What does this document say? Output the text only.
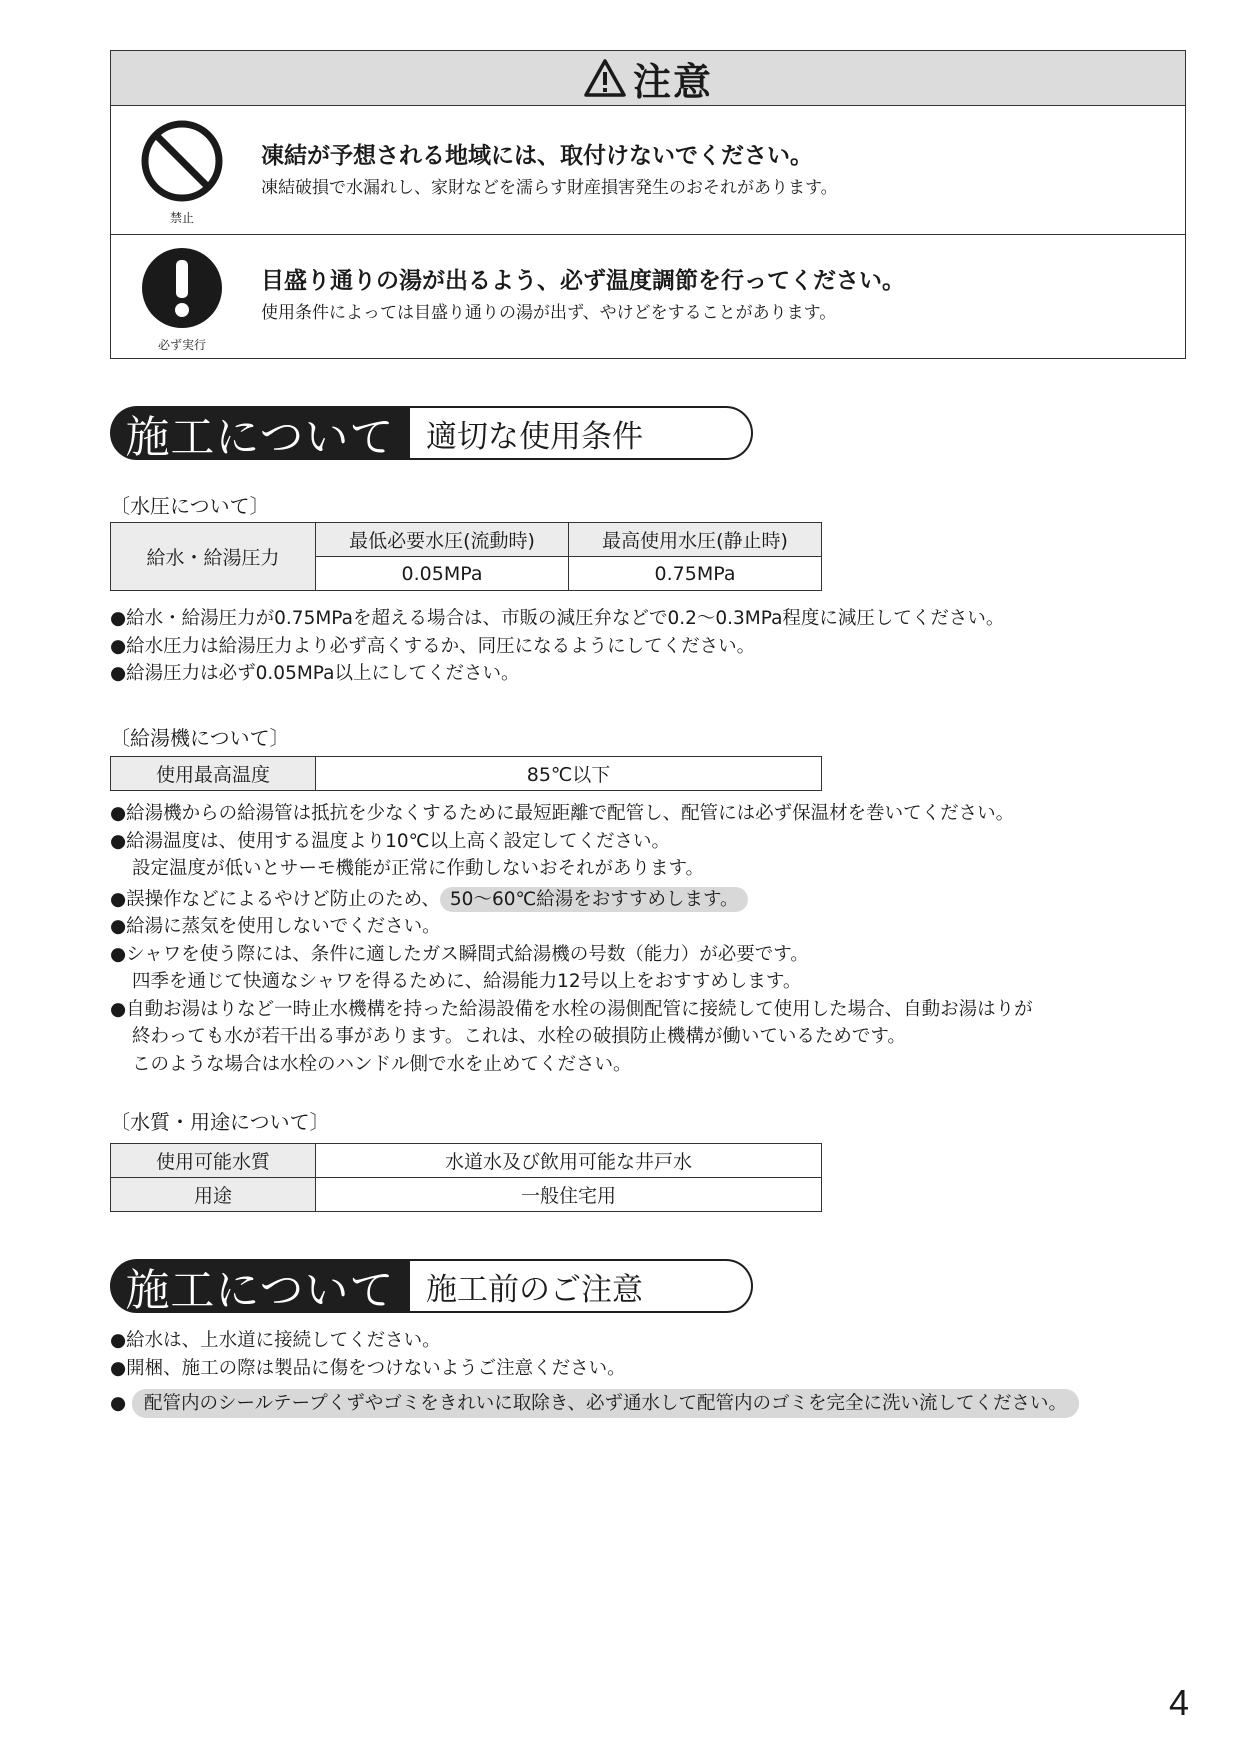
注意
禁止
凍結が予想される地域には、取付けないでください。
凍結破損で水漏れし、家財などを濡らす財産損害発生のおそれがあります。
必ず実行
目盛り通りの湯が出るよう、必ず温度調節を行ってください。
使用条件によっては目盛り通りの湯が出ず、やけどをすることがあります。
施工について	適切な使用条件
〔水圧について〕
給水・給湯圧力	最低必要水圧(流動時)	最高使用水圧(静止時)
	0.05MPa	0.75MPa
●給水・給湯圧力が0.75MPaを超える場合は、市販の減圧弁などで0.2～0.3MPa程度に減圧してください。
●給水圧力は給湯圧力より必ず高くするか、同圧になるようにしてください。
●給湯圧力は必ず0.05MPa以上にしてください。
〔給湯機について〕
使用最高温度	85℃以下
●給湯機からの給湯管は抵抗を少なくするために最短距離で配管し、配管には必ず保温材を巻いてください。
●給湯温度は、使用する温度より10℃以上高く設定してください。
設定温度が低いとサーモ機能が正常に作動しないおそれがあります。
●誤操作などによるやけど防止のため、 50～60℃給湯をおすすめします。
●給湯に蒸気を使用しないでください。
●シャワを使う際には、条件に適したガス瞬間式給湯機の号数（能力）が必要です。
四季を通じて快適なシャワを得るために、給湯能力12号以上をおすすめします。
●自動お湯はりなど一時止水機構を持った給湯設備を水栓の湯側配管に接続して使用した場合、自動お湯はりが
終わっても水が若干出る事があります。これは、水栓の破損防止機構が働いているためです。
このような場合は水栓のハンドル側で水を止めてください。
〔水質・用途について〕
使用可能水質	水道水及び飲用可能な井戸水
用途	一般住宅用
施工について	施工前のご注意
●給水は、上水道に接続してください。
●開梱、施工の際は製品に傷をつけないようご注意ください。
● 配管内のシールテープくずやゴミをきれいに取除き、必ず通水して配管内のゴミを完全に洗い流してください。
4
